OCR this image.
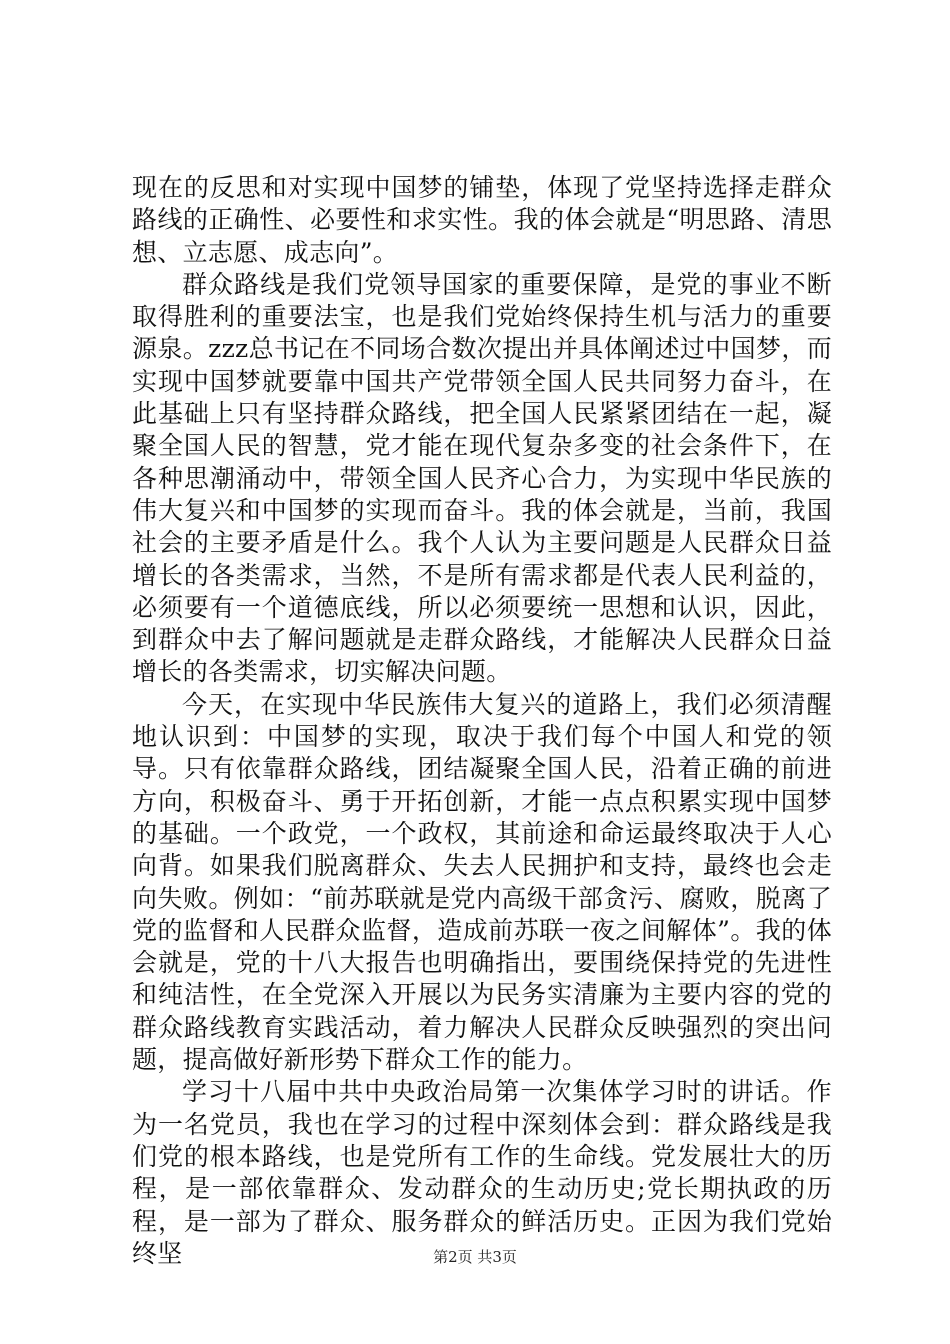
现在的反思和对实现中国梦的铺垫，体现了党坚持选择走群众路线的正确性、必要性和求实性。我的体会就是“明思路、清思想、立志愿、成志向”。

群众路线是我们党领导国家的重要保障，是党的事业不断取得胜利的重要法宝，也是我们党始终保持生机与活力的重要源泉。zzz总书记在不同场合数次提出并具体阐述过中国梦，而实现中国梦就要靠中国共产党带领全国人民共同努力奋斗，在此基础上只有坚持群众路线，把全国人民紧紧团结在一起，凝聚全国人民的智慧，党才能在现代复杂多变的社会条件下，在各种思潮涌动中，带领全国人民齐心合力，为实现中华民族的伟大复兴和中国梦的实现而奋斗。我的体会就是，当前，我国社会的主要矛盾是什么。我个人认为主要问题是人民群众日益增长的各类需求，当然，不是所有需求都是代表人民利益的，必须要有一个道德底线，所以必须要统一思想和认识，因此，到群众中去了解问题就是走群众路线，才能解决人民群众日益增长的各类需求，切实解决问题。

今天，在实现中华民族伟大复兴的道路上，我们必须清醒地认识到：中国梦的实现，取决于我们每个中国人和党的领导。只有依靠群众路线，团结凝聚全国人民，沿着正确的前进方向，积极奋斗、勇于开拓创新，才能一点点积累实现中国梦的基础。一个政党，一个政权，其前途和命运最终取决于人心向背。如果我们脱离群众、失去人民拥护和支持，最终也会走向失败。例如：“前苏联就是党内高级干部贪污、腐败，脱离了党的监督和人民群众监督，造成前苏联一夜之间解体”。我的体会就是，党的十八大报告也明确指出，要围绕保持党的先进性和纯洁性，在全党深入开展以为民务实清廉为主要内容的党的群众路线教育实践活动，着力解决人民群众反映强烈的突出问题，提高做好新形势下群众工作的能力。

学习十八届中共中央政治局第一次集体学习时的讲话。作为一名党员，我也在学习的过程中深刻体会到：群众路线是我们党的根本路线，也是党所有工作的生命线。党发展壮大的历程，是一部依靠群众、发动群众的生动历史;党长期执政的历程，是一部为了群众、服务群众的鲜活历史。正因为我们党始终坚	第2页 共3页
